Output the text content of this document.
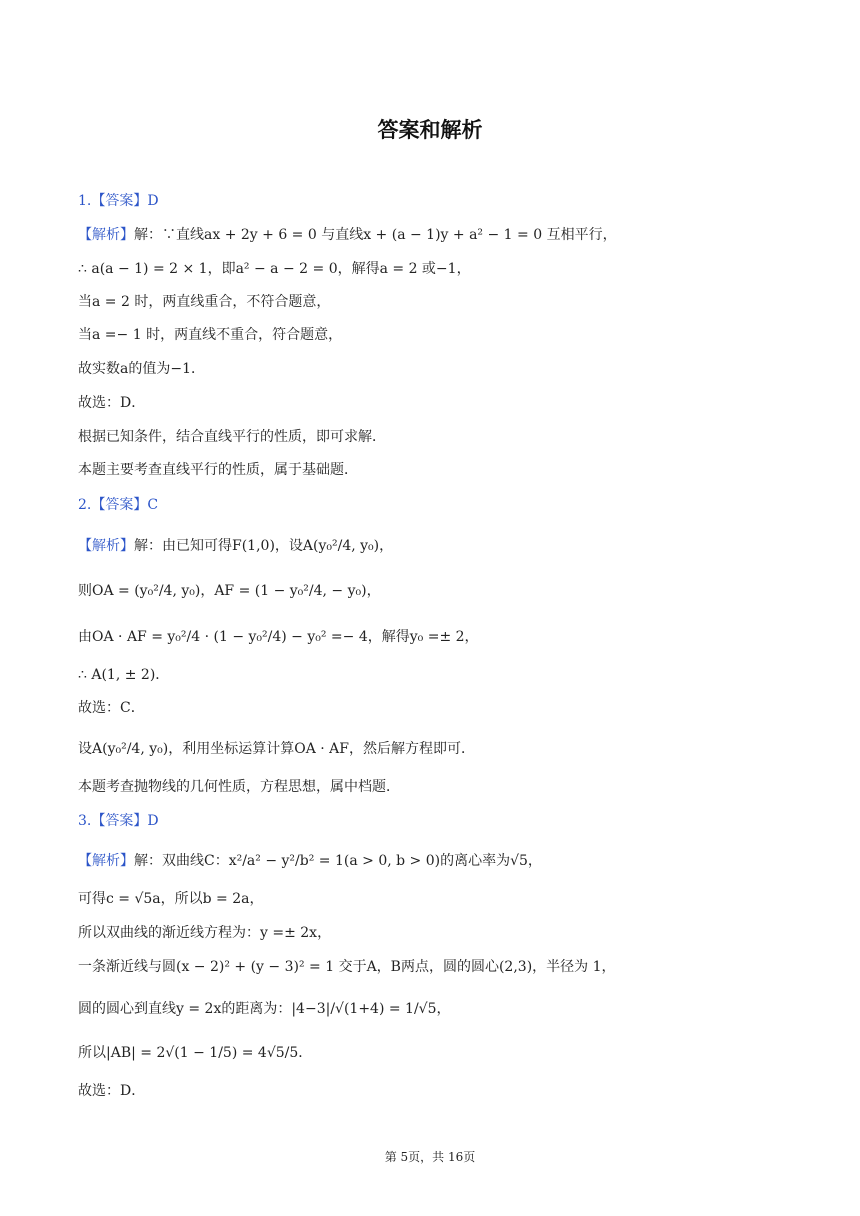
答案和解析
1.【答案】D
【解析】解：∵直线ax + 2y + 6 = 0 与直线x + (a − 1)y + a² − 1 = 0 互相平行，
∴ a(a − 1) = 2 × 1，即a² − a − 2 = 0，解得a = 2 或−1，
当a = 2 时，两直线重合，不符合题意，
当a =− 1 时，两直线不重合，符合题意，
故实数a的值为−1．
故选：D．
根据已知条件，结合直线平行的性质，即可求解．
本题主要考查直线平行的性质，属于基础题．
2.【答案】C
【解析】解：由已知可得F(1,0)，设A(y₀²/4, y₀)，
则OA = (y₀²/4, y₀)，AF = (1 − y₀²/4, − y₀)，
由OA · AF = y₀²/4 · (1 − y₀²/4) − y₀² =− 4，解得y₀ =± 2，
∴ A(1, ± 2)．
故选：C．
设A(y₀²/4, y₀)，利用坐标运算计算OA · AF，然后解方程即可．
本题考查抛物线的几何性质，方程思想，属中档题．
3.【答案】D
【解析】解：双曲线C：x²/a² − y²/b² = 1(a > 0, b > 0)的离心率为√5，
可得c = √5a，所以b = 2a，
所以双曲线的渐近线方程为：y =± 2x，
一条渐近线与圆(x − 2)² + (y − 3)² = 1 交于A，B两点，圆的圆心(2,3)，半径为 1，
圆的圆心到直线y = 2x的距离为：|4−3|/√(1+4) = 1/√5，
所以|AB| = 2√(1 − 1/5) = 4√5/5．
故选：D．
第 5页，共 16页
